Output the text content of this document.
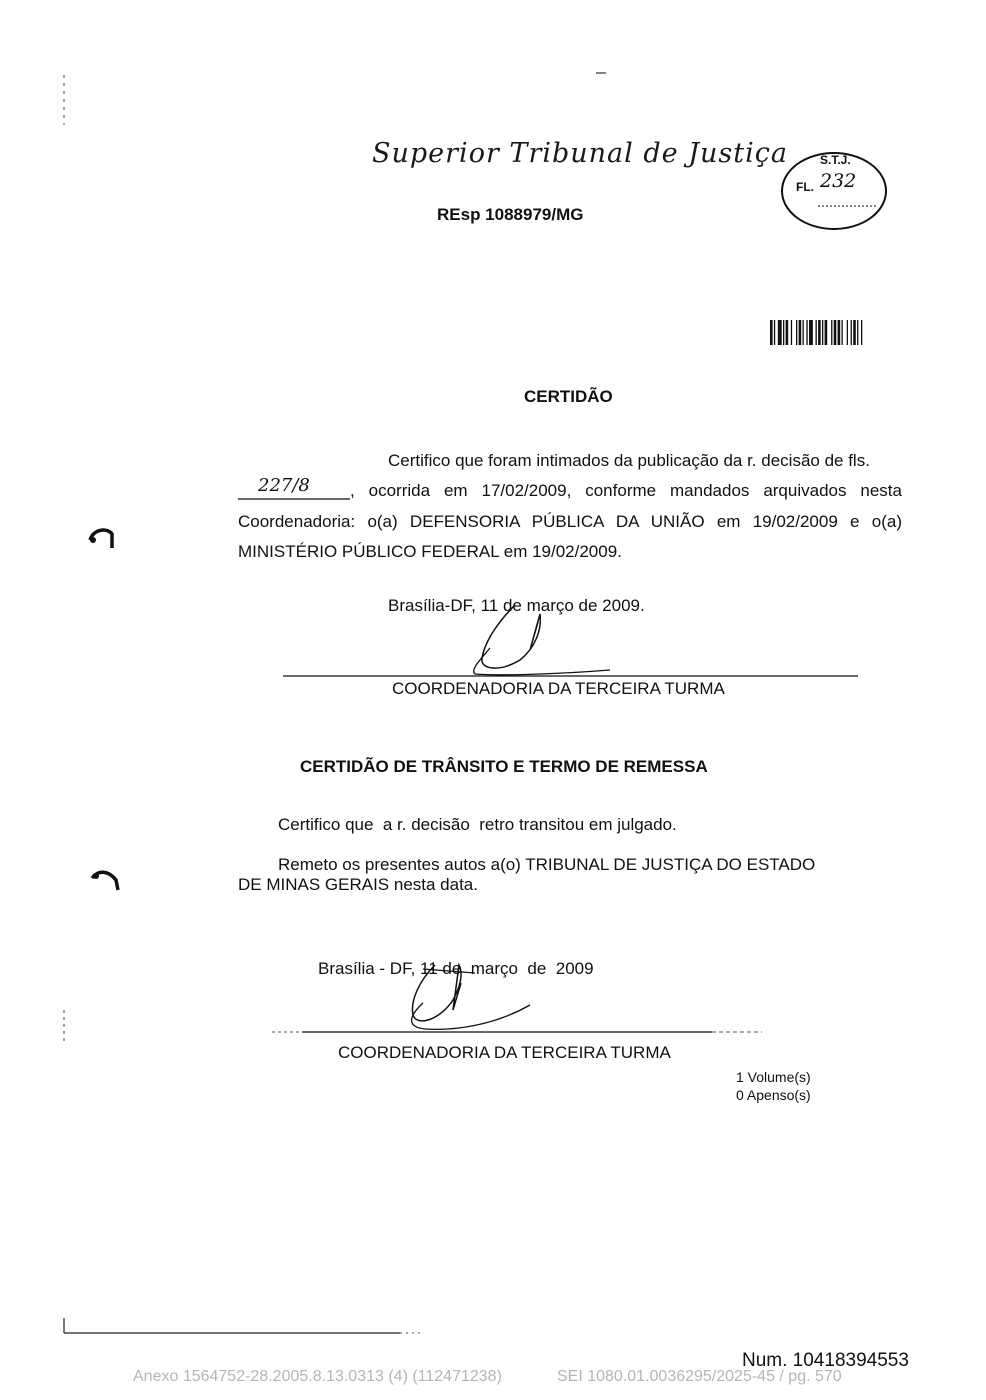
Superior Tribunal de Justiça
REsp 1088979/MG
S.T.J.
FL. 232
CERTIDÃO
Certifico que foram intimados da publicação da r. decisão de fls.
227/8 , ocorrida em 17/02/2009, conforme mandados arquivados nesta
Coordenadoria: o(a) DEFENSORIA PÚBLICA DA UNIÃO em 19/02/2009 e o(a)
MINISTÉRIO PÚBLICO FEDERAL em 19/02/2009.
Brasília-DF, 11 de março de 2009.
COORDENADORIA DA TERCEIRA TURMA
CERTIDÃO DE TRÂNSITO E TERMO DE REMESSA
Certifico que  a r. decisão  retro transitou em julgado.
Remeto os presentes autos a(o) TRIBUNAL DE JUSTIÇA DO ESTADO
DE MINAS GERAIS nesta data.
Brasília - DF, 11 de  março  de  2009
COORDENADORIA DA TERCEIRA TURMA
1 Volume(s)
0 Apenso(s)
Num. 10418394553
Anexo 1564752-28.2005.8.13.0313 (4) (112471238)	SEI 1080.01.0036295/2025-45 / pg. 570
